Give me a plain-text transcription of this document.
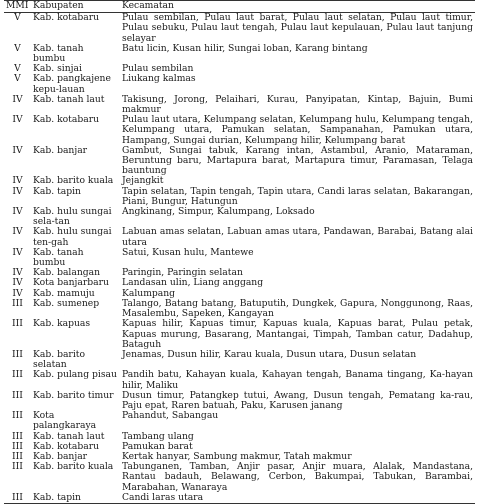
MMI	Kabupaten	Kecamatan
V	Kab. kotabaru	Pulau sembilan, Pulau laut barat, Pulau laut selatan, Pulau laut timur, Pulau sebuku, Pulau laut tengah, Pulau laut kepulauan, Pulau laut tanjung selayar
V	Kab. tanah bumbu	Batu licin, Kusan hilir, Sungai loban, Karang bintang
V	Kab. sinjai	Pulau sembilan
V	Kab. pangkajene kepu-lauan	Liukang kalmas
IV	Kab. tanah laut	Takisung, Jorong, Pelaihari, Kurau, Panyipatan, Kintap, Bajuin, Bumi makmur
IV	Kab. kotabaru	Pulau laut utara, Kelumpang selatan, Kelumpang hulu, Kelumpang tengah, Kelumpang utara, Pamukan selatan, Sampanahan, Pamukan utara, Hampang, Sungai durian, Kelumpang hilir, Kelumpang barat
IV	Kab. banjar	Gambut, Sungai tabuk, Karang intan, Astambul, Aranio, Mataraman, Beruntung baru, Martapura barat, Martapura timur, Paramasan, Telaga bauntung
IV	Kab. barito kuala	Jejangkit
IV	Kab. tapin	Tapin selatan, Tapin tengah, Tapin utara, Candi laras selatan, Bakarangan, Piani, Bungur, Hatungun
IV	Kab. hulu sungai sela-tan	Angkinang, Simpur, Kalumpang, Loksado
IV	Kab. hulu sungai ten-gah	Labuan amas selatan, Labuan amas utara, Pandawan, Barabai, Batang alai utara
IV	Kab. tanah bumbu	Satui, Kusan hulu, Mantewe
IV	Kab. balangan	Paringin, Paringin selatan
IV	Kota banjarbaru	Landasan ulin, Liang anggang
IV	Kab. mamuju	Kalumpang
III	Kab. sumenep	Talango, Batang batang, Batuputih, Dungkek, Gapura, Nonggunong, Raas, Masalembu, Sapeken, Kangayan
III	Kab. kapuas	Kapuas hilir, Kapuas timur, Kapuas kuala, Kapuas barat, Pulau petak, Kapuas murung, Basarang, Mantangai, Timpah, Tamban catur, Dadahup, Bataguh
III	Kab. barito selatan	Jenamas, Dusun hilir, Karau kuala, Dusun utara, Dusun selatan
III	Kab. pulang pisau	Pandih batu, Kahayan kuala, Kahayan tengah, Banama tingang, Ka-hayan hilir, Maliku
III	Kab. barito timur	Dusun timur, Patangkep tutui, Awang, Dusun tengah, Pematang ka-rau, Paju epat, Raren batuah, Paku, Karusen janang
III	Kota palangkaraya	Pahandut, Sabangau
III	Kab. tanah laut	Tambang ulang
III	Kab. kotabaru	Pamukan barat
III	Kab. banjar	Kertak hanyar, Sambung makmur, Tatah makmur
III	Kab. barito kuala	Tabunganen, Tamban, Anjir pasar, Anjir muara, Alalak, Mandastana, Rantau badauh, Belawang, Cerbon, Bakumpai, Tabukan, Barambai, Marabahan, Wanaraya
III	Kab. tapin	Candi laras utara
